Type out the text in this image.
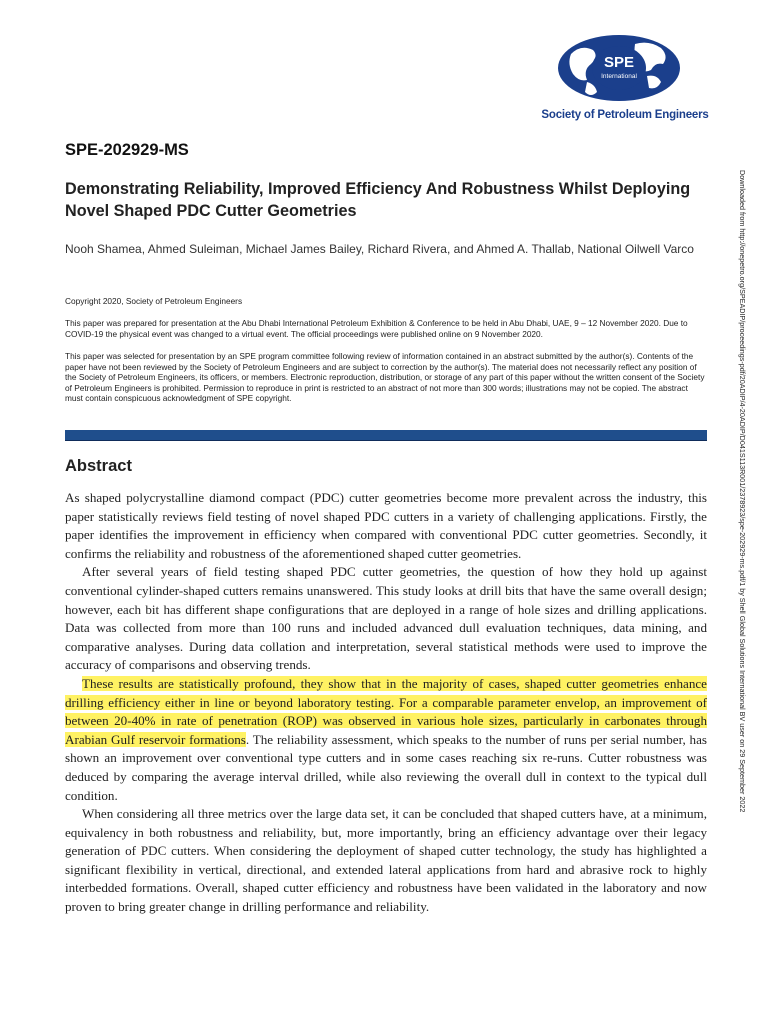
International
SPE
Society of Petroleum Engineers
Downloaded from http://onepetro.org/SPEADIP/proceedings-pdf/20ADIP/4-20ADIP/D041S113R001/2378923/spe-202929-ms.pdf/1 by Shell Global Solutions International BV user on 29 September 2022
SPE-202929-MS
Demonstrating Reliability, Improved Efficiency And Robustness Whilst Deploying Novel Shaped PDC Cutter Geometries
Nooh Shamea, Ahmed Suleiman, Michael James Bailey, Richard Rivera, and Ahmed A. Thallab, National Oilwell Varco
Copyright 2020, Society of Petroleum Engineers
This paper was prepared for presentation at the Abu Dhabi International Petroleum Exhibition & Conference to be held in Abu Dhabi, UAE, 9 – 12 November 2020. Due to COVID-19 the physical event was changed to a virtual event. The official proceedings were published online on 9 November 2020.
This paper was selected for presentation by an SPE program committee following review of information contained in an abstract submitted by the author(s). Contents of the paper have not been reviewed by the Society of Petroleum Engineers and are subject to correction by the author(s). The material does not necessarily reflect any position of the Society of Petroleum Engineers, its officers, or members. Electronic reproduction, distribution, or storage of any part of this paper without the written consent of the Society of Petroleum Engineers is prohibited. Permission to reproduce in print is restricted to an abstract of not more than 300 words; illustrations may not be copied. The abstract must contain conspicuous acknowledgment of SPE copyright.
Abstract

As shaped polycrystalline diamond compact (PDC) cutter geometries become more prevalent across the industry, this paper statistically reviews field testing of novel shaped PDC cutters in a variety of challenging applications. Firstly, the paper identifies the improvement in efficiency when compared with conventional PDC cutter geometries. Secondly, it confirms the reliability and robustness of the aforementioned shaped cutter geometries.

After several years of field testing shaped PDC cutter geometries, the question of how they hold up against conventional cylinder-shaped cutters remains unanswered. This study looks at drill bits that have the same overall design; however, each bit has different shape configurations that are deployed in a range of hole sizes and drilling applications. Data was collected from more than 100 runs and included advanced dull evaluation techniques, data mining, and comparative analyses. During data collation and interpretation, several statistical methods were used to improve the accuracy of comparisons and observing trends.

These results are statistically profound, they show that in the majority of cases, shaped cutter geometries enhance drilling efficiency either in line or beyond laboratory testing. For a comparable parameter envelop, an improvement of between 20-40% in rate of penetration (ROP) was observed in various hole sizes, particularly in carbonates through Arabian Gulf reservoir formations. The reliability assessment, which speaks to the number of runs per serial number, has shown an improvement over conventional type cutters and in some cases reaching six re-runs. Cutter robustness was deduced by comparing the average interval drilled, while also reviewing the overall dull in context to the typical dull condition.

When considering all three metrics over the large data set, it can be concluded that shaped cutters have, at a minimum, equivalency in both robustness and reliability, but, more importantly, bring an efficiency advantage over their legacy generation of PDC cutters. When considering the deployment of shaped cutter technology, the study has highlighted a significant flexibility in vertical, directional, and extended lateral applications from hard and abrasive rock to highly interbedded formations. Overall, shaped cutter efficiency and robustness have been validated in the laboratory and now proven to bring greater change in drilling performance and reliability.
